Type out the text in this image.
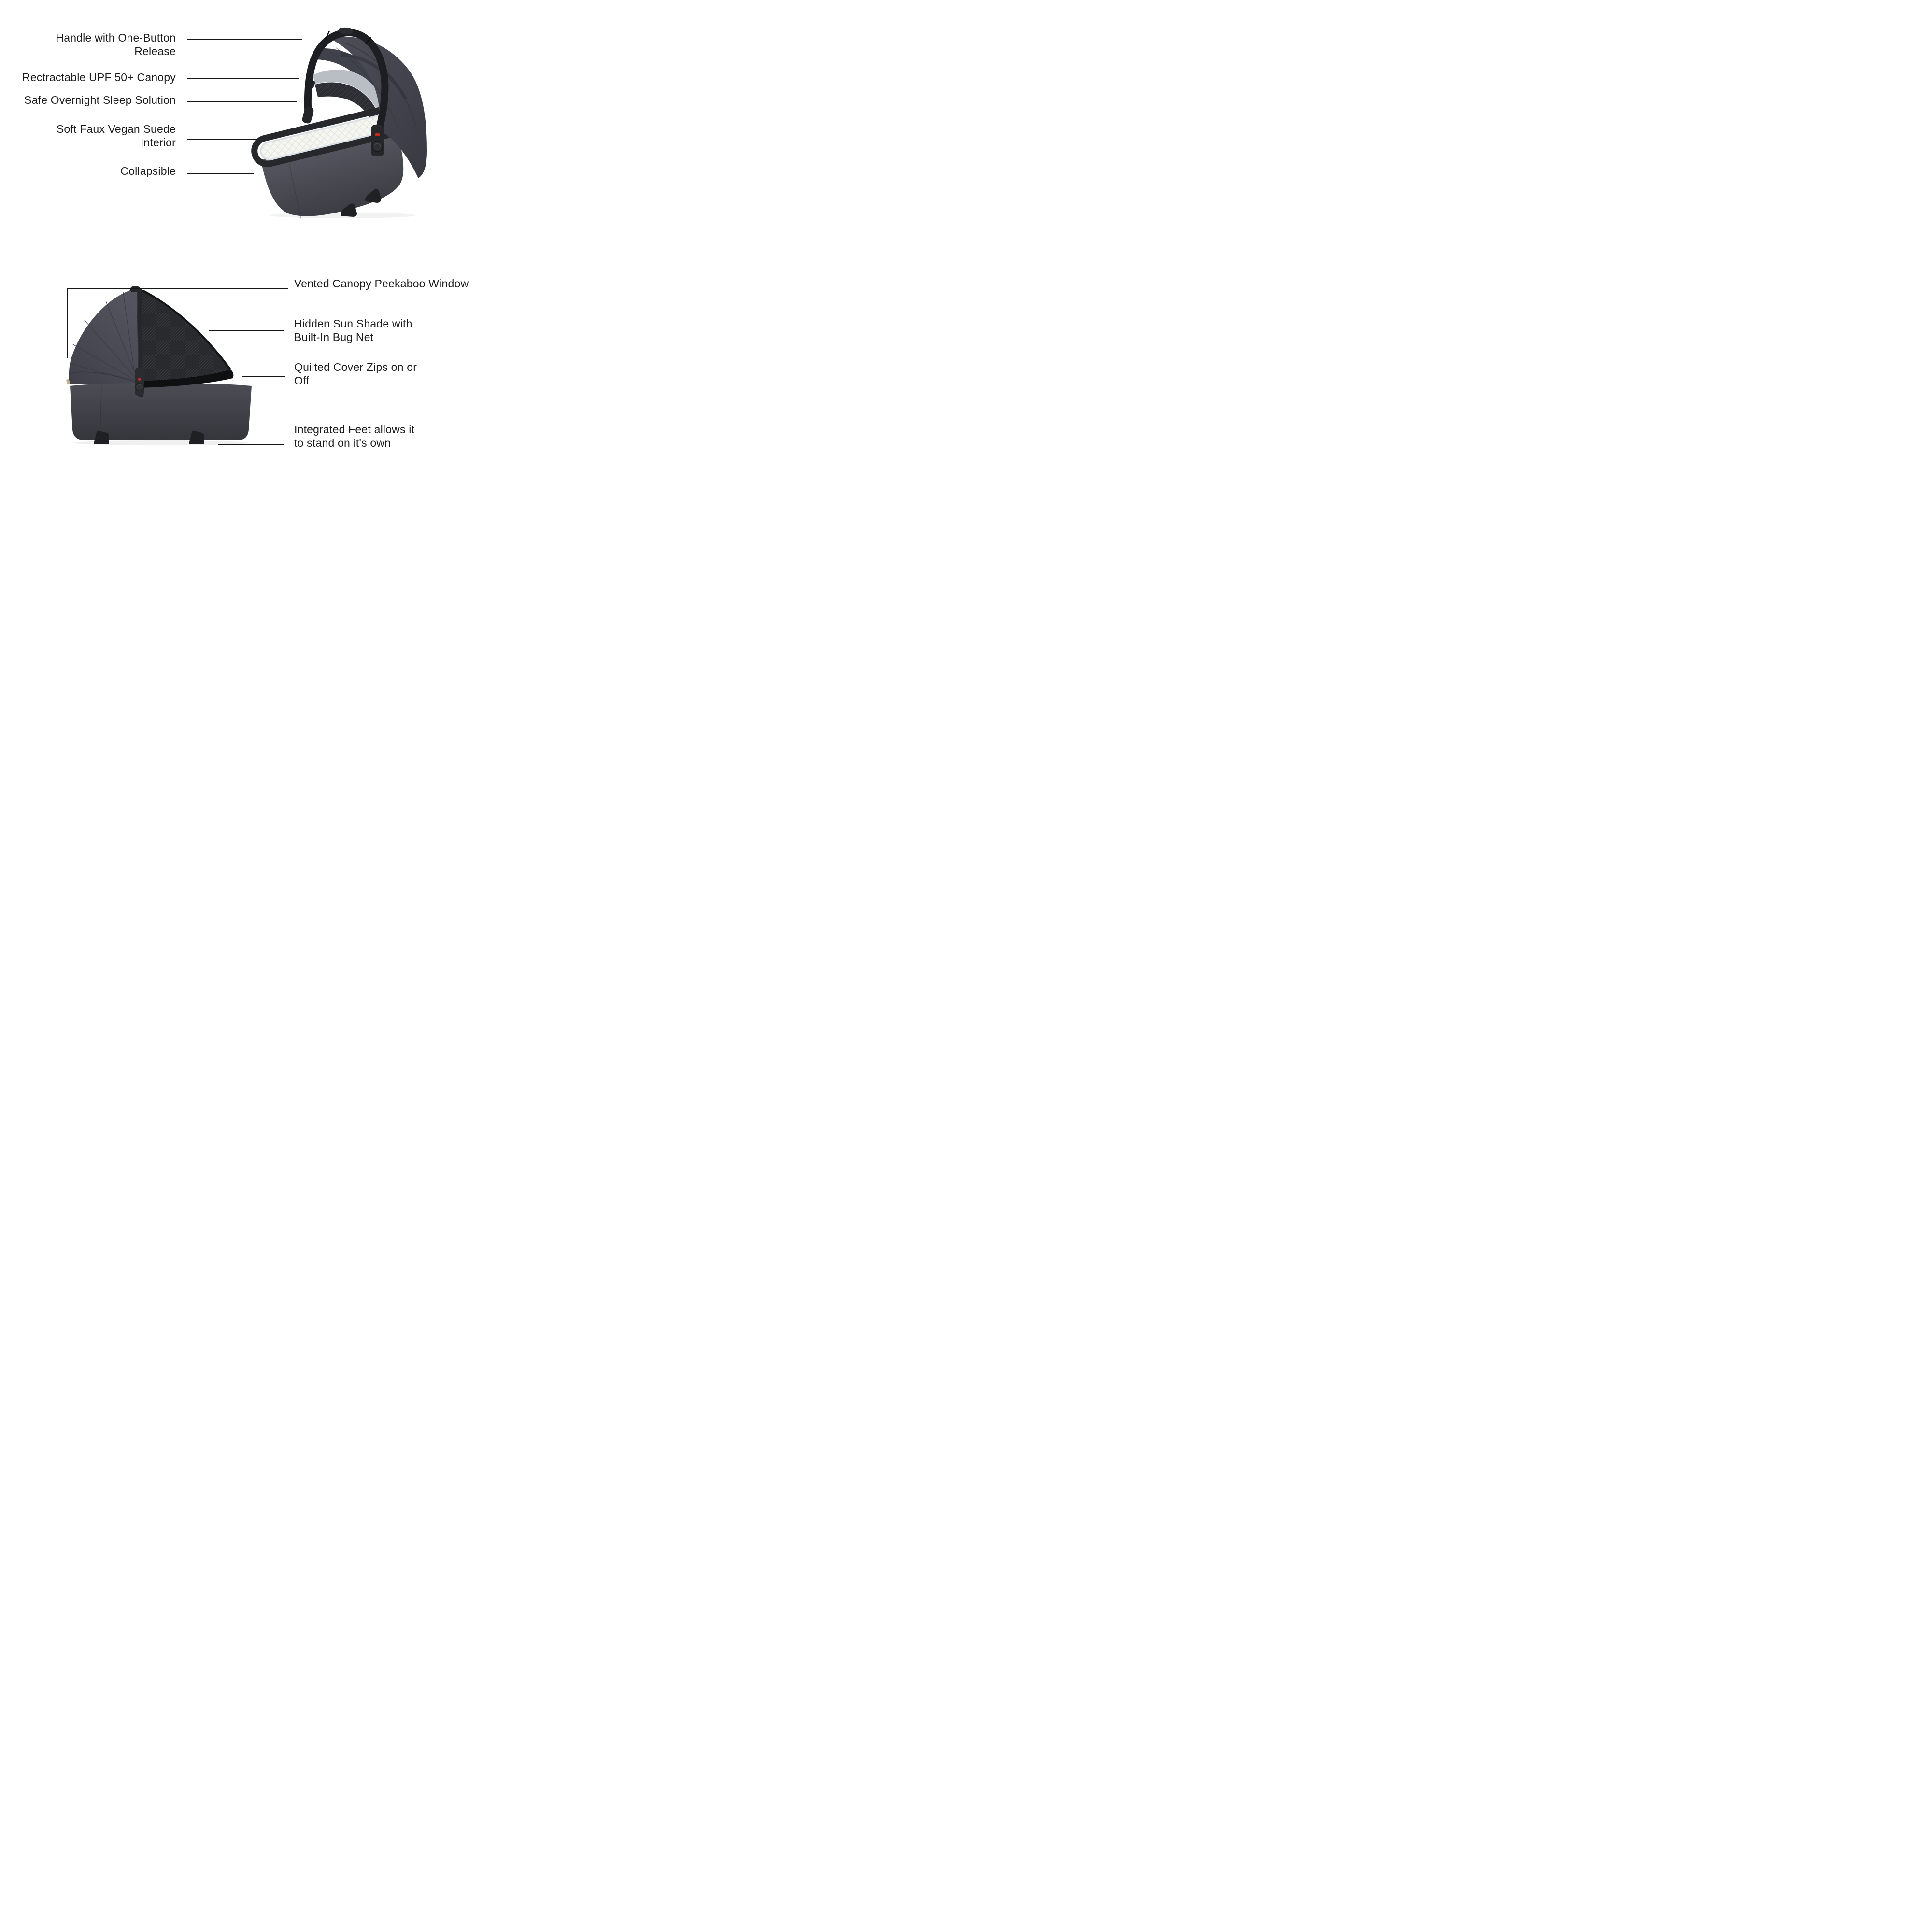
Handle with One-Button
Release
Rectractable UPF 50+ Canopy
Safe Overnight Sleep Solution
Soft Faux Vegan Suede
Interior
Collapsible
Vented Canopy Peekaboo Window
Hidden Sun Shade with
Built-In Bug Net
Quilted Cover Zips on or
Off
Integrated Feet allows it
to stand on it's own
